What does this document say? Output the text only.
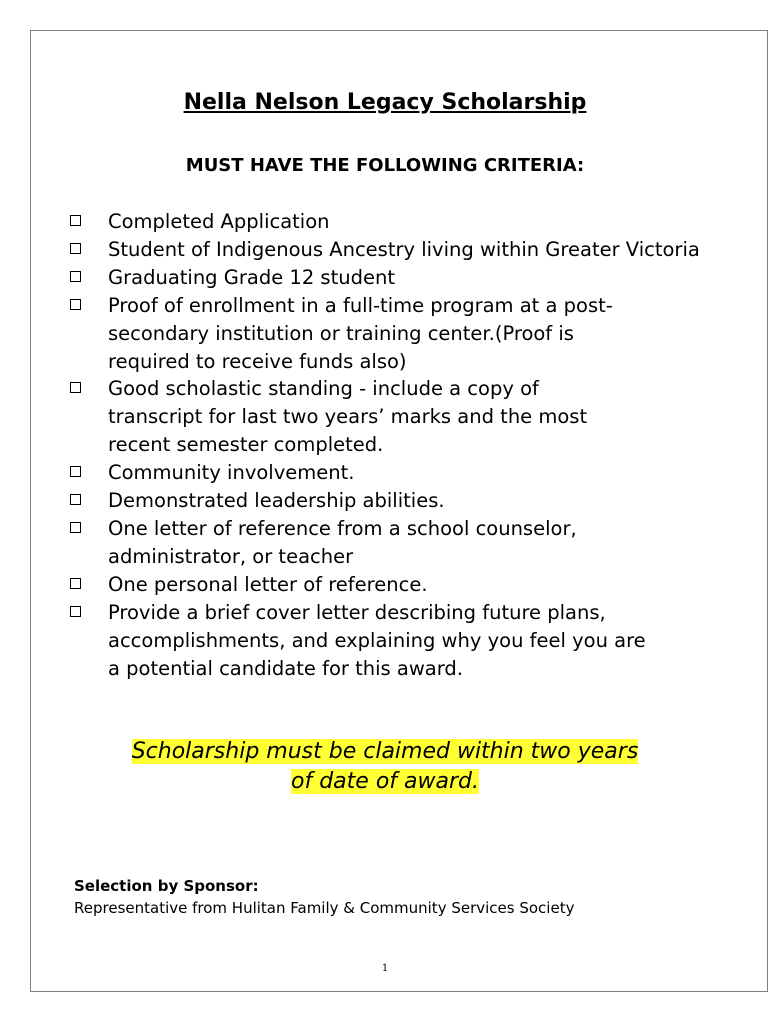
Nella Nelson Legacy Scholarship
MUST HAVE THE FOLLOWING CRITERIA:
Completed Application
Student of Indigenous Ancestry living within Greater Victoria
Graduating Grade 12 student
Proof of enrollment in a full-time program at a post-
secondary institution or training center.(Proof is
required to receive funds also)
Good scholastic standing - include a copy of
transcript for last two years’ marks and the most
recent semester completed.
Community involvement.
Demonstrated leadership abilities.
One letter of reference from a school counselor,
administrator, or teacher
One personal letter of reference.
Provide a brief cover letter describing future plans,
accomplishments, and explaining why you feel you are
a potential candidate for this award.
Scholarship must be claimed within two years
of date of award.
Selection by Sponsor:
Representative from Hulitan Family & Community Services Society
1
